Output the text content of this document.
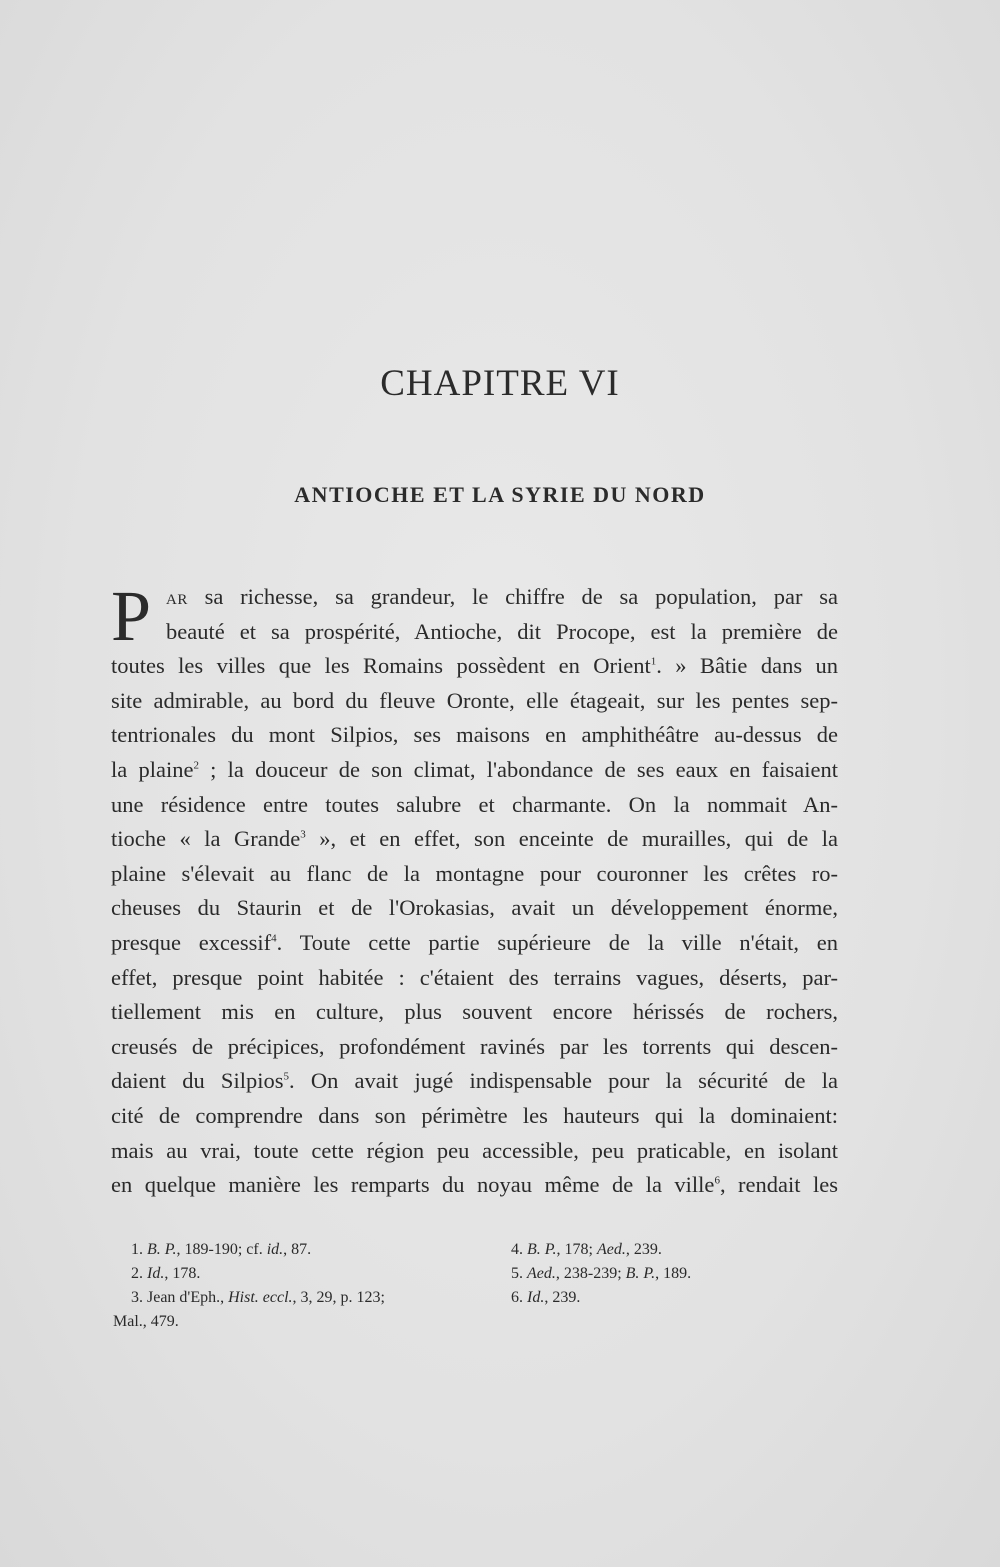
CHAPITRE VI
ANTIOCHE ET LA SYRIE DU NORD
P AR sa richesse, sa grandeur, le chiffre de sa population, par sa
beauté et sa prospérité, Antioche, dit Procope, est la première de
toutes les villes que les Romains possèdent en Orient$^1$. » Bâtie dans un
site admirable, au bord du fleuve Oronte, elle étageait, sur les pentes sep-
tentrionales du mont Silpios, ses maisons en amphithéâtre au-dessus de
la plaine$^2$ ; la douceur de son climat, l'abondance de ses eaux en faisaient
une résidence entre toutes salubre et charmante. On la nommait An-
tioche « la Grande$^3$ », et en effet, son enceinte de murailles, qui de la
plaine s'élevait au flanc de la montagne pour couronner les crêtes ro-
cheuses du Staurin et de l'Orokasias, avait un développement énorme,
presque excessif$^4$. Toute cette partie supérieure de la ville n'était, en
effet, presque point habitée : c'étaient des terrains vagues, déserts, par-
tiellement mis en culture, plus souvent encore hérissés de rochers,
creusés de précipices, profondément ravinés par les torrents qui descen-
daient du Silpios$^5$. On avait jugé indispensable pour la sécurité de la
cité de comprendre dans son périmètre les hauteurs qui la dominaient:
mais au vrai, toute cette région peu accessible, peu praticable, en isolant
en quelque manière les remparts du noyau même de la ville$^6$, rendait les
1. B. P., 189-190; cf. id., 87.
2. Id., 178.
3. Jean d'Eph., Hist. eccl., 3, 29, p. 123;
Mal., 479.
4. B. P., 178; Aed., 239.
5. Aed., 238-239; B. P., 189.
6. Id., 239.
